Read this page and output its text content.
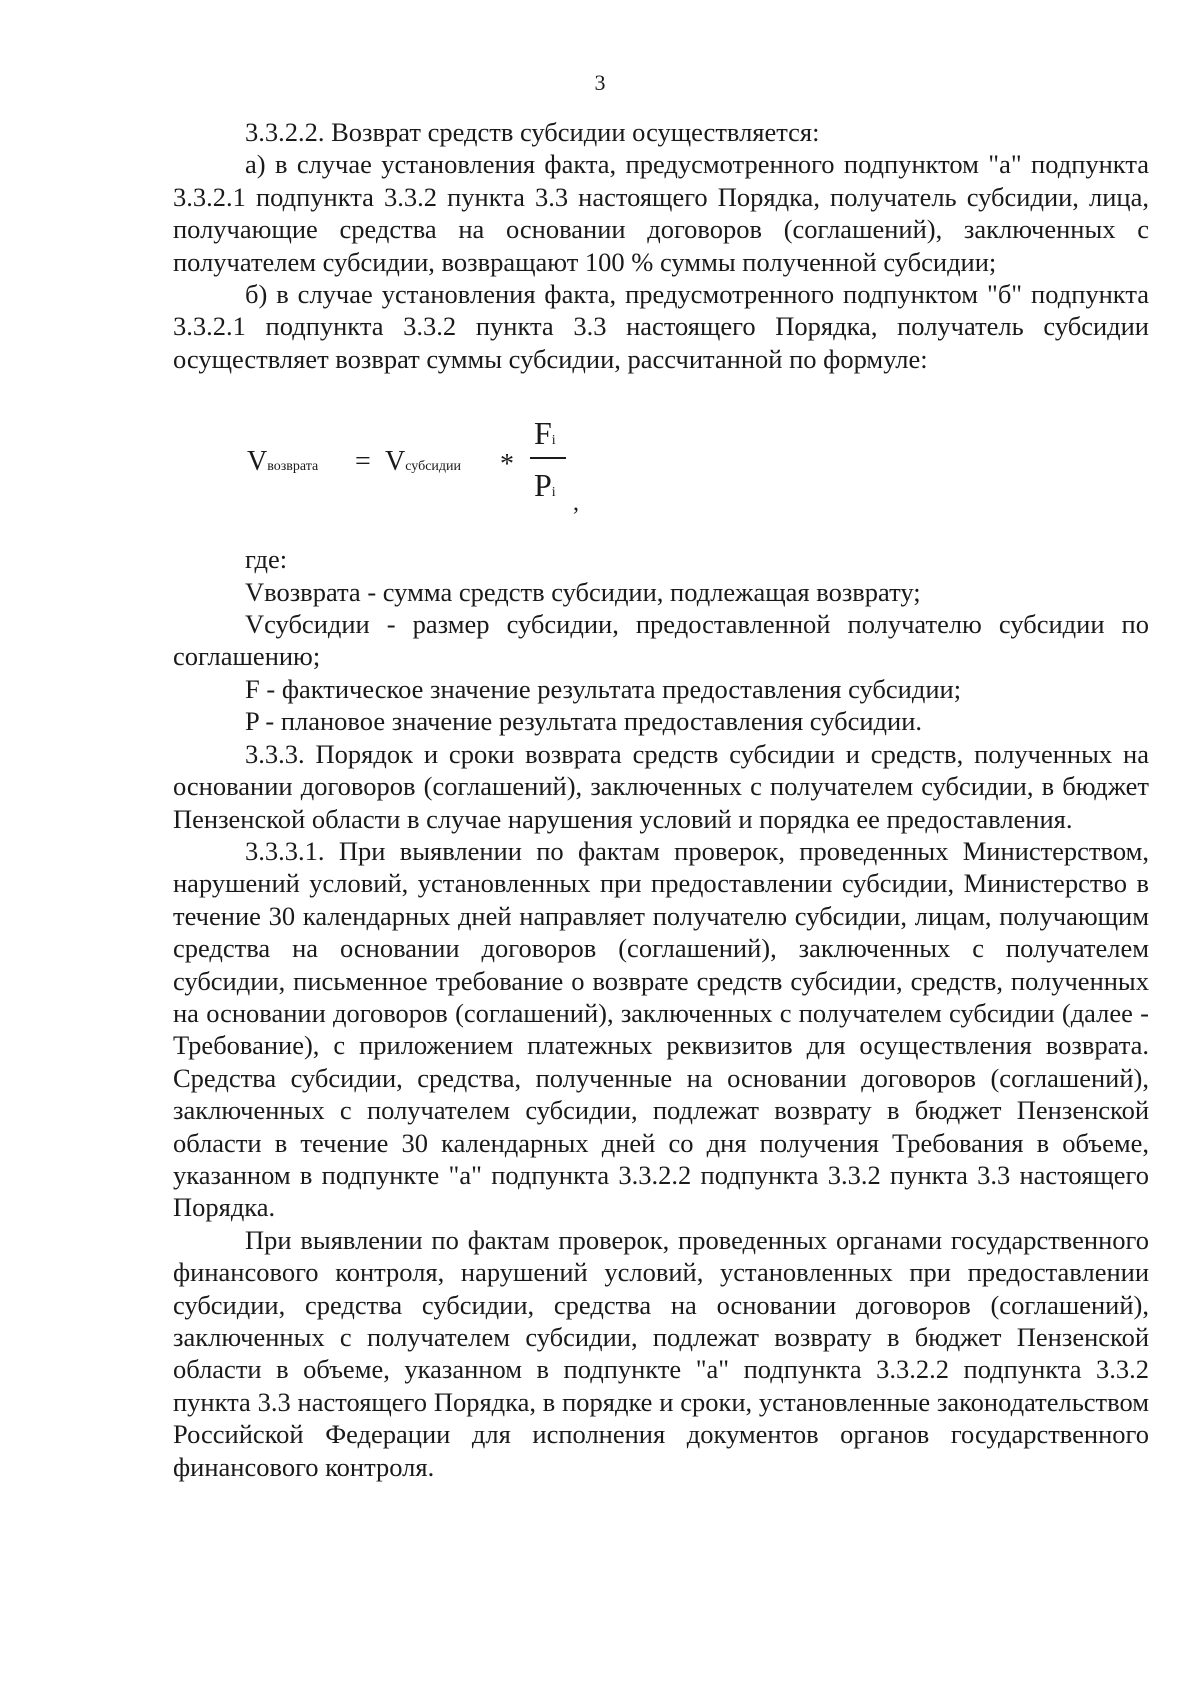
3

3.3.2.2. Возврат средств субсидии осуществляется:

а) в случае установления факта, предусмотренного подпунктом "а" подпункта 3.3.2.1 подпункта 3.3.2 пункта 3.3 настоящего Порядка, получатель субсидии, лица, получающие средства на основании договоров (соглашений), заключенных с получателем субсидии, возвращают 100 % суммы полученной субсидии;

б) в случае установления факта, предусмотренного подпунктом "б" подпункта 3.3.2.1 подпункта 3.3.2 пункта 3.3 настоящего Порядка, получатель субсидии осуществляет возврат суммы субсидии, рассчитанной по формуле:

Vвозврата = Vсубсидии *
Fi
Pi ,

где:

Vвозврата - сумма средств субсидии, подлежащая возврату;

Vсубсидии - размер субсидии, предоставленной получателю субсидии по соглашению;

F - фактическое значение результата предоставления субсидии;

P - плановое значение результата предоставления субсидии.

3.3.3. Порядок и сроки возврата средств субсидии и средств, полученных на основании договоров (соглашений), заключенных с получателем субсидии, в бюджет Пензенской области в случае нарушения условий и порядка ее предоставления.

3.3.3.1. При выявлении по фактам проверок, проведенных Министерством, нарушений условий, установленных при предоставлении субсидии, Министерство в течение 30 календарных дней направляет получателю субсидии, лицам, получающим средства на основании договоров (соглашений), заключенных с получателем субсидии, письменное требование о возврате средств субсидии, средств, полученных на основании договоров (соглашений), заключенных с получателем субсидии (далее - Требование), с приложением платежных реквизитов для осуществления возврата. Средства субсидии, средства, полученные на основании договоров (соглашений), заключенных с получателем субсидии, подлежат возврату в бюджет Пензенской области в течение 30 календарных дней со дня получения Требования в объеме, указанном в подпункте "а" подпункта 3.3.2.2 подпункта 3.3.2 пункта 3.3 настоящего Порядка.

При выявлении по фактам проверок, проведенных органами государственного финансового контроля, нарушений условий, установленных при предоставлении субсидии, средства субсидии, средства на основании договоров (соглашений), заключенных с получателем субсидии, подлежат возврату в бюджет Пензенской области в объеме, указанном в подпункте "а" подпункта 3.3.2.2 подпункта 3.3.2 пункта 3.3 настоящего Порядка, в порядке и сроки, установленные законодательством Российской Федерации для исполнения документов органов государственного финансового контроля.
